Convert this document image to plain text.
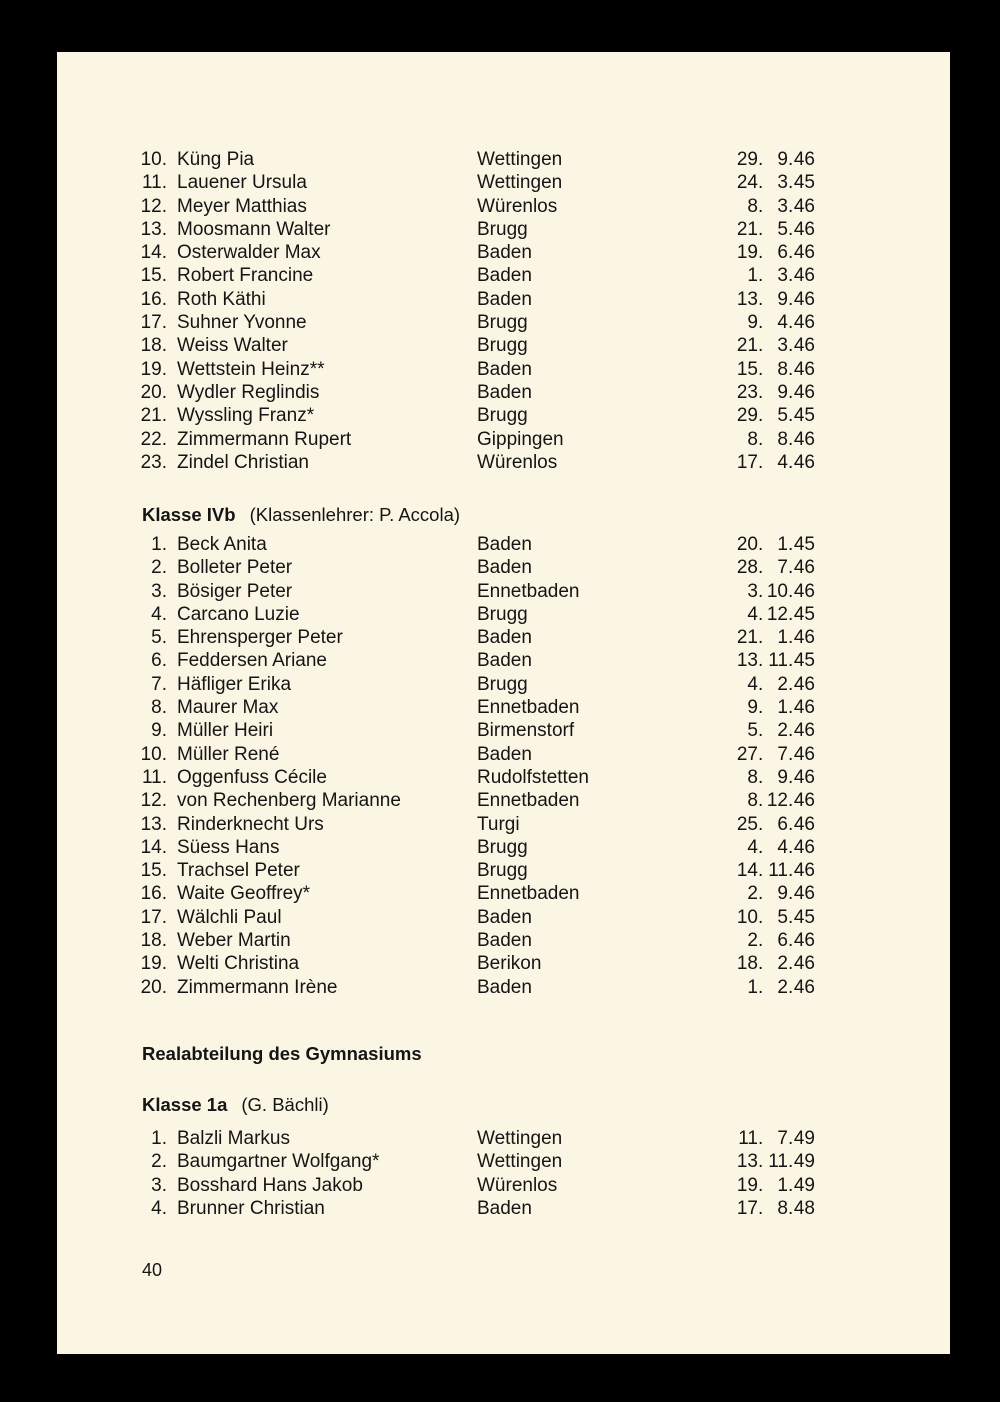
10. Küng Pia	Wettingen	29 . 9 . 46
11. Lauener Ursula	Wettingen	24 . 3 . 45
12. Meyer Matthias	Würenlos	8 . 3 . 46
13. Moosmann Walter	Brugg	21 . 5 . 46
14. Osterwalder Max	Baden	19 . 6 . 46
15. Robert Francine	Baden	1 . 3 . 46
16. Roth Käthi	Baden	13 . 9 . 46
17. Suhner Yvonne	Brugg	9 . 4 . 46
18. Weiss Walter	Brugg	21 . 3 . 46
19. Wettstein Heinz**	Baden	15 . 8 . 46
20. Wydler Reglindis	Baden	23 . 9 . 46
21. Wyssling Franz*	Brugg	29 . 5 . 45
22. Zimmermann Rupert	Gippingen	8 . 8 . 46
23. Zindel Christian	Würenlos	17 . 4 . 46
Klasse IVb (Klassenlehrer: P. Accola)
1. Beck Anita	Baden	20 . 1 . 45
2. Bolleter Peter	Baden	28 . 7 . 46
3. Bösiger Peter	Ennetbaden	3 . 10 . 46
4. Carcano Luzie	Brugg	4 . 12 . 45
5. Ehrensperger Peter	Baden	21 . 1 . 46
6. Feddersen Ariane	Baden	13 . 11 . 45
7. Häfliger Erika	Brugg	4 . 2 . 46
8. Maurer Max	Ennetbaden	9 . 1 . 46
9. Müller Heiri	Birmenstorf	5 . 2 . 46
10. Müller René	Baden	27 . 7 . 46
11. Oggenfuss Cécile	Rudolfstetten	8 . 9 . 46
12. von Rechenberg Marianne	Ennetbaden	8 . 12 . 46
13. Rinderknecht Urs	Turgi	25 . 6 . 46
14. Süess Hans	Brugg	4 . 4 . 46
15. Trachsel Peter	Brugg	14 . 11 . 46
16. Waite Geoffrey*	Ennetbaden	2 . 9 . 46
17. Wälchli Paul	Baden	10 . 5 . 45
18. Weber Martin	Baden	2 . 6 . 46
19. Welti Christina	Berikon	18 . 2 . 46
20. Zimmermann Irène	Baden	1 . 2 . 46
Realabteilung des Gymnasiums
Klasse 1a (G. Bächli)
1. Balzli Markus	Wettingen	11 . 7 . 49
2. Baumgartner Wolfgang*	Wettingen	13 . 11 . 49
3. Bosshard Hans Jakob	Würenlos	19 . 1 . 49
4. Brunner Christian	Baden	17 . 8 . 48
40
